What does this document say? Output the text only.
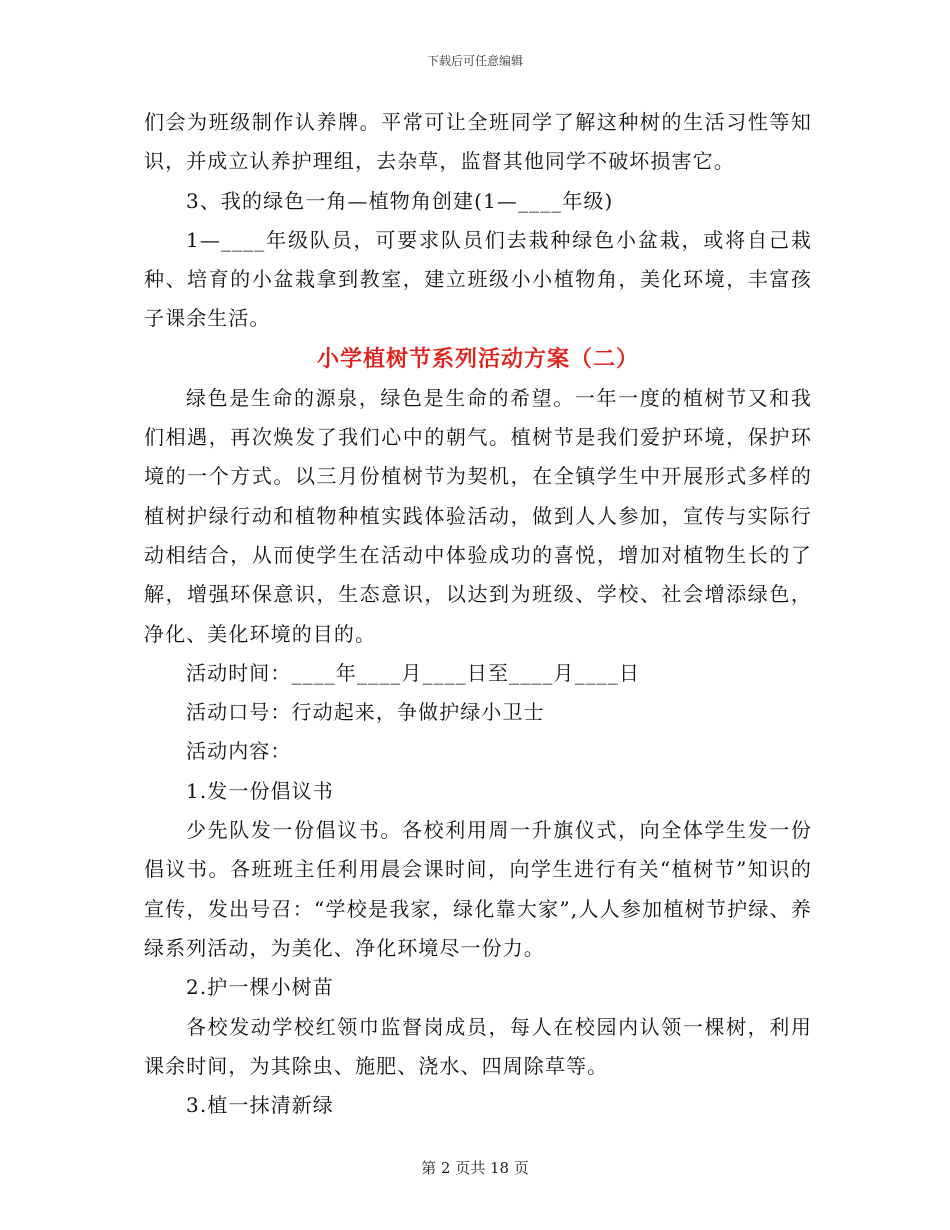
下载后可任意编辑

们会为班级制作认养牌。平常可让全班同学了解这种树的生活习性等知识，并成立认养护理组，去杂草，监督其他同学不破坏损害它。

3、我的绿色一角—植物角创建(1—____年级)

1—____年级队员，可要求队员们去栽种绿色小盆栽，或将自己栽种、培育的小盆栽拿到教室，建立班级小小植物角，美化环境，丰富孩子课余生活。

小学植树节系列活动方案（二）

绿色是生命的源泉，绿色是生命的希望。一年一度的植树节又和我们相遇，再次焕发了我们心中的朝气。植树节是我们爱护环境，保护环境的一个方式。以三月份植树节为契机，在全镇学生中开展形式多样的植树护绿行动和植物种植实践体验活动，做到人人参加，宣传与实际行动相结合，从而使学生在活动中体验成功的喜悦，增加对植物生长的了解，增强环保意识，生态意识，以达到为班级、学校、社会增添绿色，净化、美化环境的目的。

活动时间：____年____月____日至____月____日

活动口号：行动起来，争做护绿小卫士

活动内容：

1.发一份倡议书

少先队发一份倡议书。各校利用周一升旗仪式，向全体学生发一份倡议书。各班班主任利用晨会课时间，向学生进行有关“植树节”知识的宣传，发出号召：“学校是我家，绿化靠大家”,人人参加植树节护绿、养绿系列活动，为美化、净化环境尽一份力。

2.护一棵小树苗

各校发动学校红领巾监督岗成员，每人在校园内认领一棵树，利用课余时间，为其除虫、施肥、浇水、四周除草等。

3.植一抹清新绿

第 2 页共 18 页
